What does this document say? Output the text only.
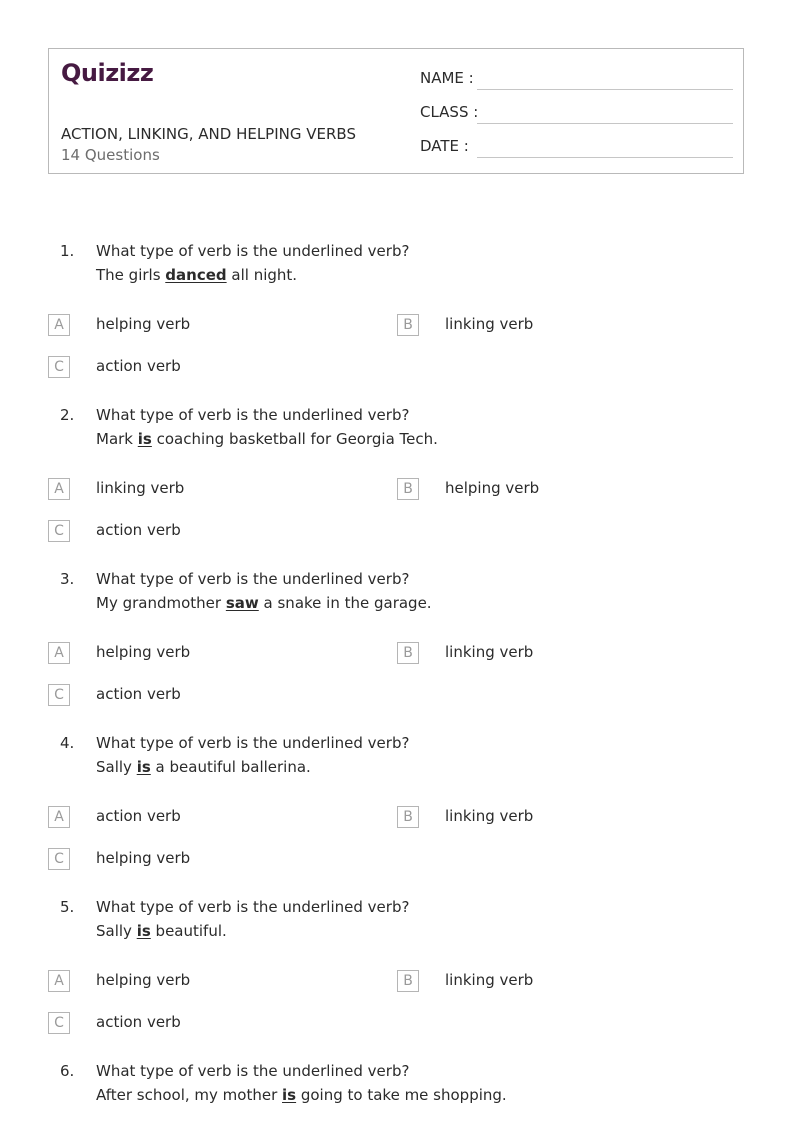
Quizizz
ACTION, LINKING, AND HELPING VERBS
14 Questions
NAME :
CLASS :
DATE :
1. What type of verb is the underlined verb?
The girls danced all night.
A	helping verb	B	linking verb
C	action verb
2. What type of verb is the underlined verb?
Mark is coaching basketball for Georgia Tech.
A	linking verb	B	helping verb
C	action verb
3. What type of verb is the underlined verb?
My grandmother saw a snake in the garage.
A	helping verb	B	linking verb
C	action verb
4. What type of verb is the underlined verb?
Sally is a beautiful ballerina.
A	action verb	B	linking verb
C	helping verb
5. What type of verb is the underlined verb?
Sally is beautiful.
A	helping verb	B	linking verb
C	action verb
6. What type of verb is the underlined verb?
After school, my mother is going to take me shopping.
